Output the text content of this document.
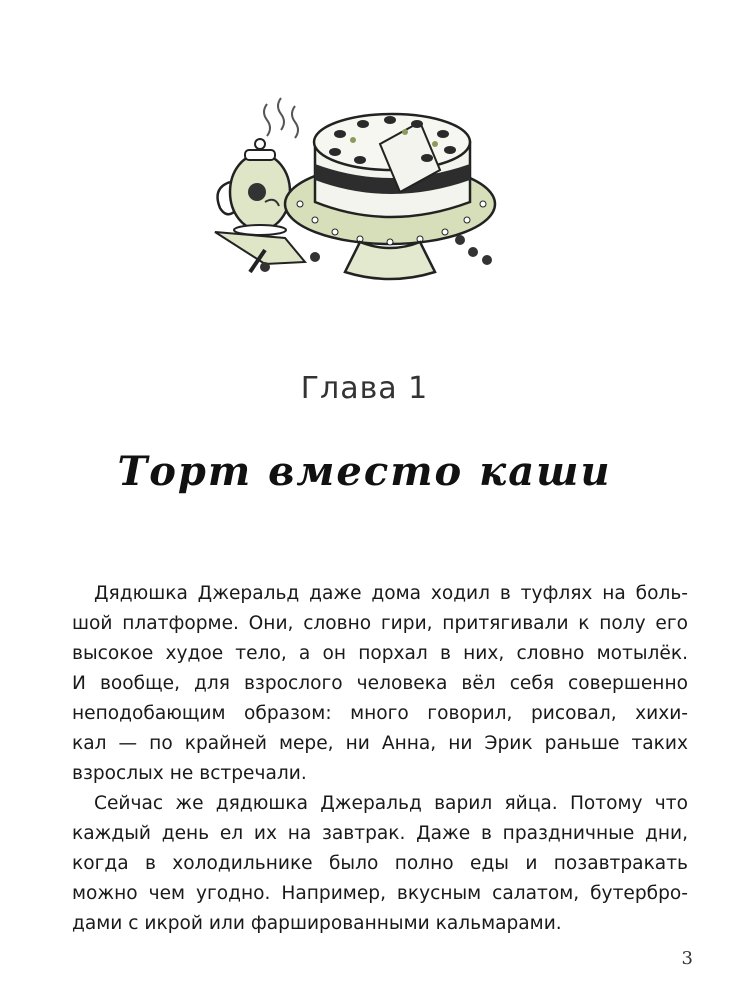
Глава 1
Торт вместо каши
Дядюшка Джеральд даже дома ходил в туфлях на боль-
шой платформе. Они, словно гири, притягивали к полу его
высокое худое тело, а он порхал в них, словно мотылёк.
И вообще, для взрослого человека вёл себя совершенно
неподобающим образом: много говорил, рисовал, хихи-
кал — по крайней мере, ни Анна, ни Эрик раньше таких
взрослых не встречали.
Сейчас же дядюшка Джеральд варил яйца. Потому что
каждый день ел их на завтрак. Даже в праздничные дни,
когда в холодильнике было полно еды и позавтракать
можно чем угодно. Например, вкусным салатом, бутербро-
дами с икрой или фаршированными кальмарами.
3
